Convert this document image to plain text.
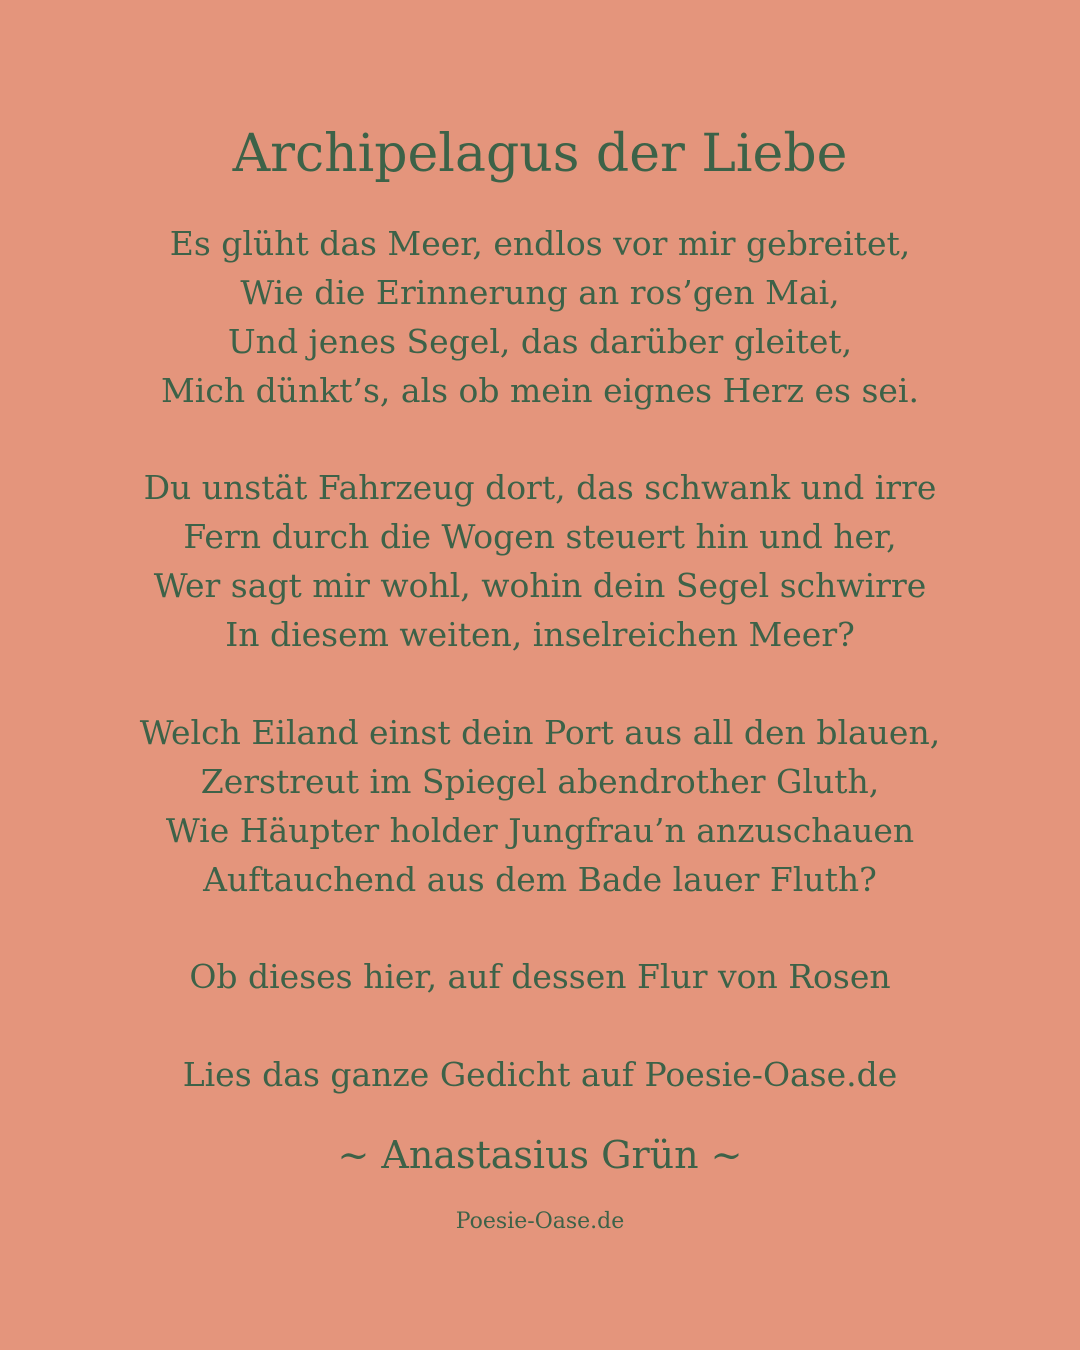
Archipelagus der Liebe
Es glüht das Meer, endlos vor mir gebreitet,
Wie die Erinnerung an ros’gen Mai,
Und jenes Segel, das darüber gleitet,
Mich dünkt’s, als ob mein eignes Herz es sei.
Du unstät Fahrzeug dort, das schwank und irre
Fern durch die Wogen steuert hin und her,
Wer sagt mir wohl, wohin dein Segel schwirre
In diesem weiten, inselreichen Meer?
Welch Eiland einst dein Port aus all den blauen,
Zerstreut im Spiegel abendrother Gluth,
Wie Häupter holder Jungfrau’n anzuschauen
Auftauchend aus dem Bade lauer Fluth?
Ob dieses hier, auf dessen Flur von Rosen
Lies das ganze Gedicht auf Poesie-Oase.de
~ Anastasius Grün ~
Poesie-Oase.de
